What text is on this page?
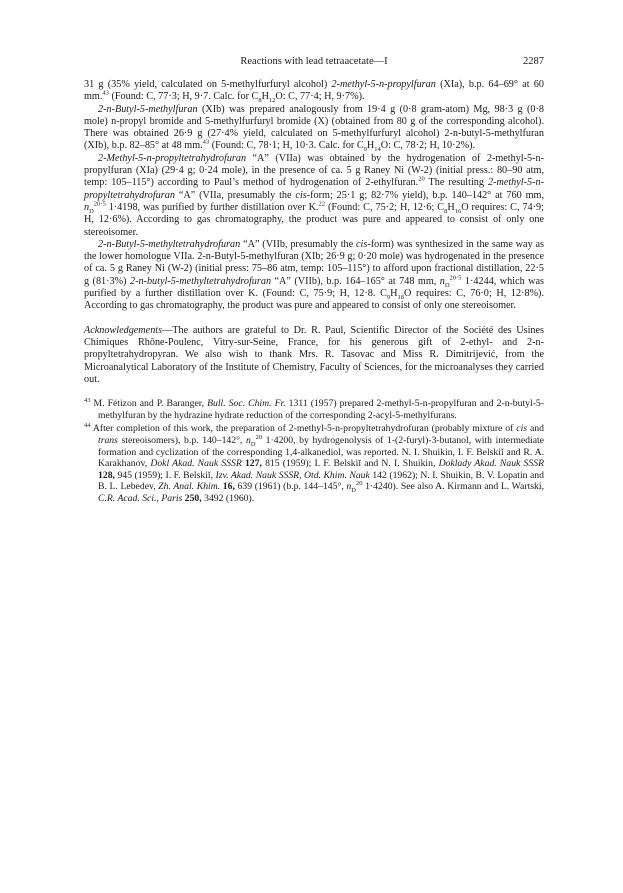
Reactions with lead tetraacetate—I	2287

31 g (35% yield, calculated on 5-methylfurfuryl alcohol) 2-methyl-5-n-propylfuran (XIa), b.p. 64–69° at 60 mm.$^{43}$ (Found: C, 77·3; H, 9·7. Calc. for $C_8H_{12}O$: C, 77·4; H, 9·7%).

2-n-Butyl-5-methylfuran (XIb) was prepared analogously from 19·4 g (0·8 gram-atom) Mg, 98·3 g (0·8 mole) n-propyl bromide and 5-methylfurfuryl bromide (X) (obtained from 80 g of the corresponding alcohol). There was obtained 26·9 g (27·4% yield, calculated on 5-methylfurfuryl alcohol) 2-n-butyl-5-methylfuran (XIb), b.p. 82–85° at 48 mm.$^{43}$ (Found: C, 78·1; H, 10·3. Calc. for $C_9H_{14}O$: C, 78·2; H, 10·2%).

2-Methyl-5-n-propyltetrahydrofuran “A” (VIIa) was obtained by the hydrogenation of 2-methyl-5-n-propylfuran (XIa) (29·4 g; 0·24 mole), in the presence of ca. 5 g Raney Ni (W-2) (initial press.: 80–90 atm, temp: 105–115°) according to Paul’s method of hydrogenation of 2-ethylfuran.$^{20}$ The resulting 2-methyl-5-n-propyltetrahydrofuran “A” (VIIa, presumably the cis-form; 25·1 g; 82·7% yield), b.p. 140–142° at 760 mm, $n_D^{20\cdot 5}$ 1·4198, was purified by further distillation over K.$^{22}$ (Found: C, 75·2; H, 12·6; $C_8H_{16}O$ requires: C, 74·9; H, 12·6%). According to gas chromatography, the product was pure and appeared to consist of only one stereoisomer.

2-n-Butyl-5-methyltetrahydrofuran “A” (VIIb, presumably the cis-form) was synthesized in the same way as the lower homologue VIIa. 2-n-Butyl-5-methylfuran (XIb; 26·9 g; 0·20 mole) was hydrogenated in the presence of ca. 5 g Raney Ni (W-2) (initial press: 75–86 atm, temp: 105–115°) to afford upon fractional distillation, 22·5 g (81·3%) 2-n-butyl-5-methyltetrahydrofuran “A” (VIIb), b.p. 164–165° at 748 mm, $n_D^{20\cdot 5}$ 1·4244, which was purified by a further distillation over K. (Found: C, 75·9; H, 12·8. $C_9H_{18}O$ requires: C, 76·0; H, 12·8%). According to gas chromatography, the product was pure and appeared to consist of only one stereoisomer.

Acknowledgements—The authors are grateful to Dr. R. Paul, Scientific Director of the Société des Usines Chimiques Rhône-Poulenc, Vitry-sur-Seine, France, for his generous gift of 2-ethyl- and 2-n-propyltetrahydropyran. We also wish to thank Mrs. R. Tasovac and Miss R. Dimitrijević, from the Microanalytical Laboratory of the Institute of Chemistry, Faculty of Sciences, for the microanalyses they carried out.

$^{43}$ M. Fétizon and P. Baranger, Bull. Soc. Chim. Fr. 1311 (1957) prepared 2-methyl-5-n-propylfuran and 2-n-butyl-5-methylfuran by the hydrazine hydrate reduction of the corresponding 2-acyl-5-methylfurans.

$^{44}$ After completion of this work, the preparation of 2-methyl-5-n-propyltetrahydrofuran (probably mixture of cis and trans stereoisomers), b.p. 140–142°, $n_D^{20}$ 1·4200, by hydrogenolysis of 1-(2-furyl)-3-butanol, with intermediate formation and cyclization of the corresponding 1,4-alkanediol, was reported. N. I. Shuikin, I. F. Belskiĭ and R. A. Karakhanov, Dokl Akad. Nauk SSSR 127, 815 (1959); I. F. Belskiĭ and N. I. Shuikin, Doklady Akad. Nauk SSSR 128, 945 (1959); I. F. Belskiĭ, Izv. Akad. Nauk SSSR, Otd. Khim. Nauk 142 (1962); N. I. Shuikin, B. V. Lopatin and B. L. Lebedev, Zh. Anal. Khim. 16, 639 (1961) (b.p. 144–145°, $n_D^{20}$ 1·4240). See also A. Kirmann and L. Wartski, C.R. Acad. Sci., Paris 250, 3492 (1960).
